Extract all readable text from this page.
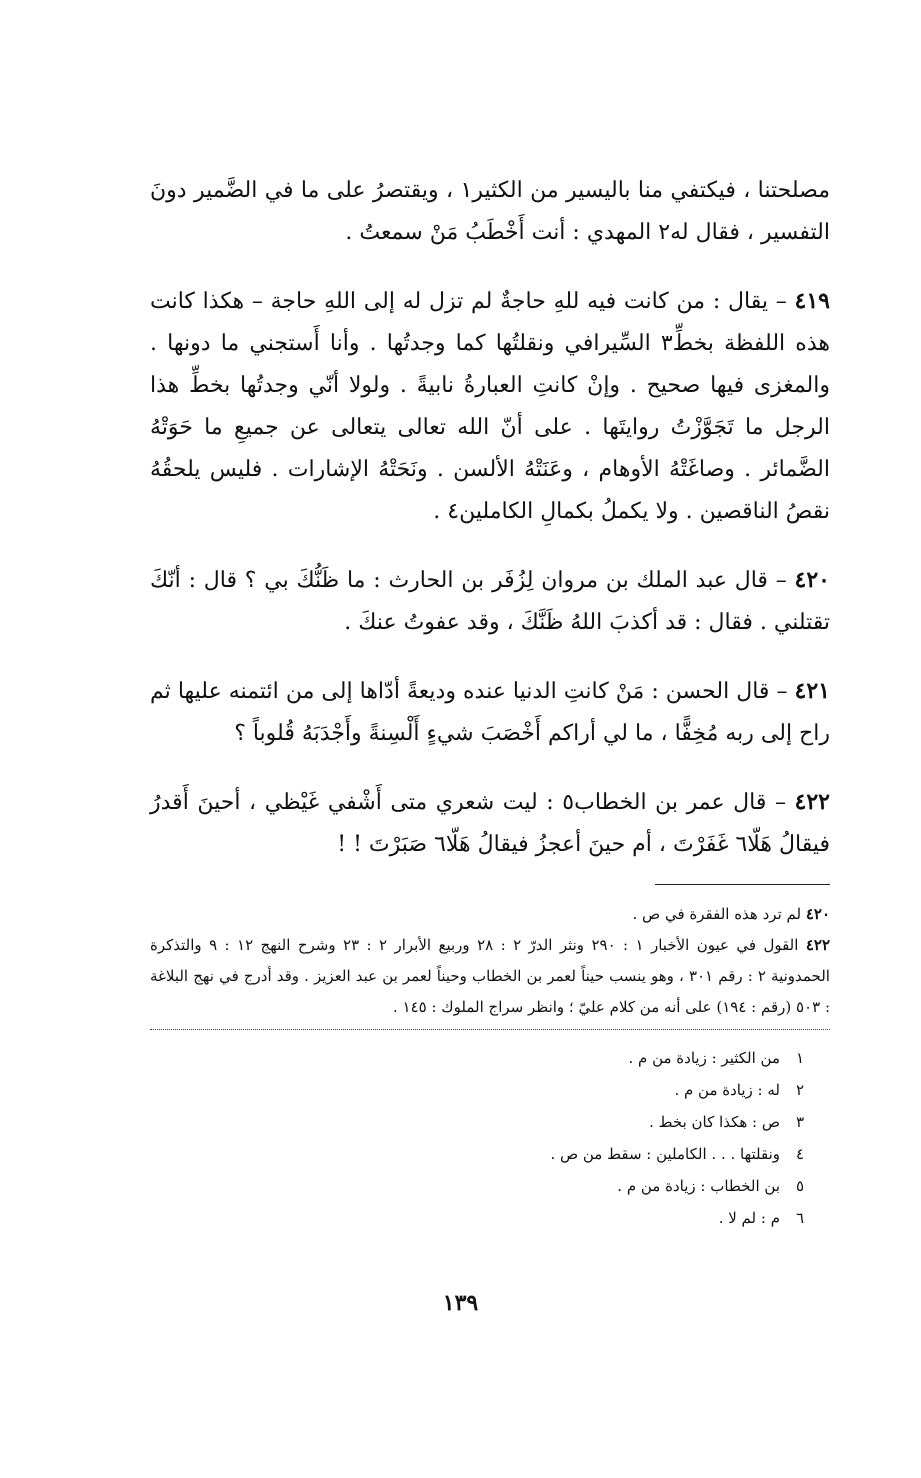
مصلحتنا ، فيكتفي منا باليسير من الكثير١ ، ويقتصرُ على ما في الضَّمير دونَ التفسير ، فقال له٢ المهدي : أنت أَخْطَبُ مَنْ سمعتُ .

٤١٩ – يقال : من كانت فيه للهِ حاجةٌ لم تزل له إلى اللهِ حاجة – هكذا كانت هذه اللفظة بخطِّ٣ السِّيرافي ونقلتُها كما وجدتُها . وأنا أَستجني ما دونها . والمغزى فيها صحيح . وإنْ كانتِ العبارةُ نابيةً . ولولا أنّي وجدتُها بخطِّ هذا الرجل ما تَجَوَّزْتُ روايتَها . على أنّ الله تعالى يتعالى عن جميعِ ما حَوَتْهُ الضَّمائر . وصاغَتْهُ الأوهام ، وعَنَتْهُ الألسن . ونَحَتْهُ الإشارات . فليس يلحقُهُ نقصُ الناقصين . ولا يكملُ بكمالِ الكاملين٤ .

٤٢٠ – قال عبد الملك بن مروان لِزُفَر بن الحارث : ما ظَنُّكَ بي ؟ قال : أنّكَ تقتلني . فقال : قد أكذبَ اللهُ ظَنَّكَ ، وقد عفوتُ عنكَ .

٤٢١ – قال الحسن : مَنْ كانتِ الدنيا عنده وديعةً أدّاها إلى من ائتمنه عليها ثم راح إلى ربه مُخِفًّا ، ما لي أراكم أَخْصَبَ شيءٍ أَلْسِنةً وأَجْدَبَهُ قُلوباً ؟

٤٢٢ – قال عمر بن الخطاب٥ : ليت شعري متى أَشْفي غَيْظي ، أحينَ أَقدرُ فيقالُ هَلّا٦ غَفَرْتَ ، أم حينَ أعجزُ فيقالُ هَلّا٦ صَبَرْتَ ! !

٤٢٠ لم ترد هذه الفقرة في ص .

٤٢٢ القول في عيون الأخبار ١ : ٢٩٠ ونثر الدرّ ٢ : ٢٨ وربيع الأبرار ٢ : ٢٣ وشرح النهج ١٢ : ٩ والتذكرة الحمدونية ٢ : رقم ٣٠١ ، وهو ينسب حيناً لعمر بن الخطاب وحيناً لعمر بن عبد العزيز . وقد أدرج في نهج البلاغة : ٥٠٣ (رقم : ١٩٤) على أنه من كلام عليّ ؛ وانظر سراج الملوك : ١٤٥ .

١من الكثير : زيادة من م .
٢له : زيادة من م .
٣ص : هكذا كان بخط .
٤ونقلتها . . . الكاملين : سقط من ص .
٥بن الخطاب : زيادة من م .
٦م : لم لا .
١٣٩
